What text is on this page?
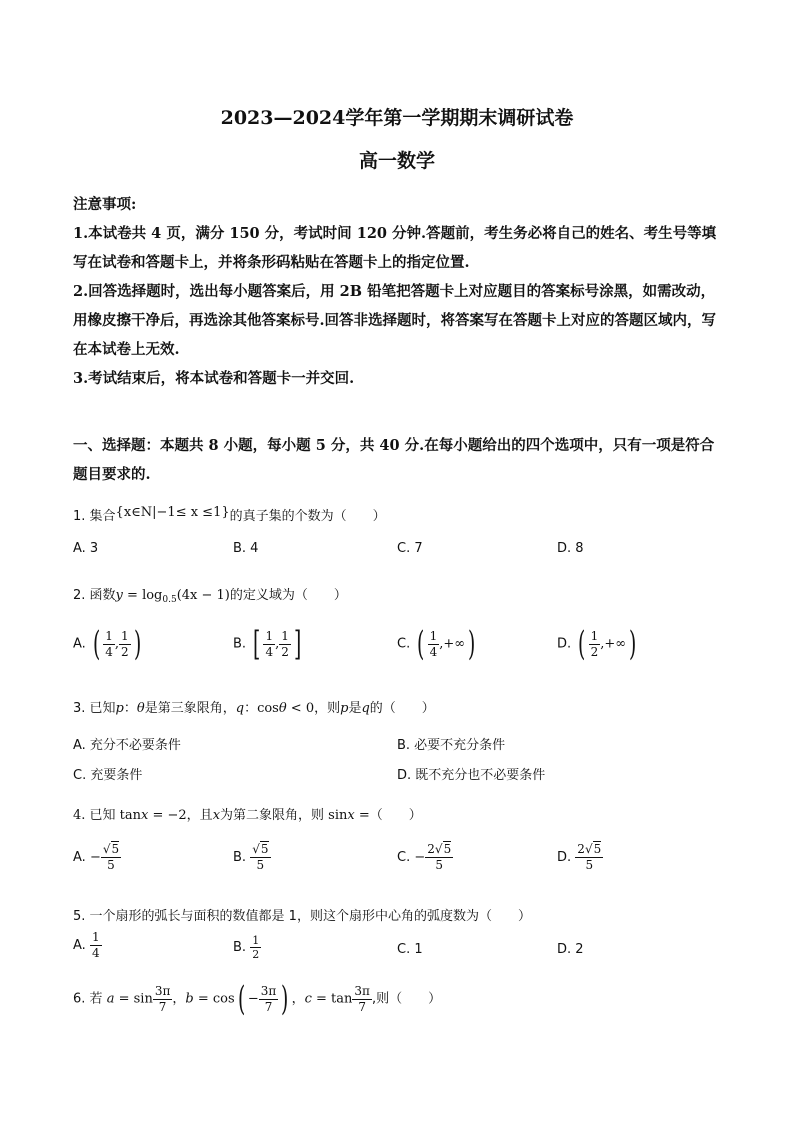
2023—2024学年第一学期期末调研试卷
高一数学
注意事项:
1.本试卷共 4 页，满分 150 分，考试时间 120 分钟.答题前，考生务必将自己的姓名、考生号等填写在试卷和答题卡上，并将条形码粘贴在答题卡上的指定位置.
2.回答选择题时，选出每小题答案后，用 2B 铅笔把答题卡上对应题目的答案标号涂黑，如需改动，用橡皮擦干净后，再选涂其他答案标号.回答非选择题时，将答案写在答题卡上对应的答题区域内，写在本试卷上无效.
3.考试结束后，将本试卷和答题卡一并交回.
一、选择题：本题共 8 小题，每小题 5 分，共 40 分.在每小题给出的四个选项中，只有一项是符合题目要求的.
1. 集合{x∈N|−1≤ x ≤1}的真子集的个数为（　　）
A. 3	B. 4	C. 7	D. 8
2. 函数$y = \log_{0.5}(4x - 1)$的定义域为（　　）
A. ( $\frac{1}{4}$ , $\frac{1}{2}$ )	B. [ $\frac{1}{4}$ , $\frac{1}{2}$ ]	C. ( $\frac{1}{4}$ ,+∞)	D. ( $\frac{1}{2}$ ,+∞)
3. 已知p：θ是第三象限角，q：cosθ < 0，则p是q的（　　）
A. 充分不必要条件	B. 必要不充分条件
C. 充要条件	D. 既不充分也不必要条件
4. 已知 tanx = −2，且x为第二象限角，则 sinx =（　　）
A. − $\frac{√5}{5}$	B. $\frac{√5}{5}$	C. − $\frac{2√5}{5}$	D. $\frac{2√5}{5}$
5. 一个扇形的弧长与面积的数值都是 1，则这个扇形中心角的弧度数为（　　）
A. $\frac{1}{4}$	B. $\frac{1}{2}$	C. 1	D. 2
6. 若 $a = \sin \frac{3\pi}{7}$ ，$b = \cos( - \frac{3\pi}{7}$ ) ，$c = \tan \frac{3\pi}{7}$ ,则（　　）
